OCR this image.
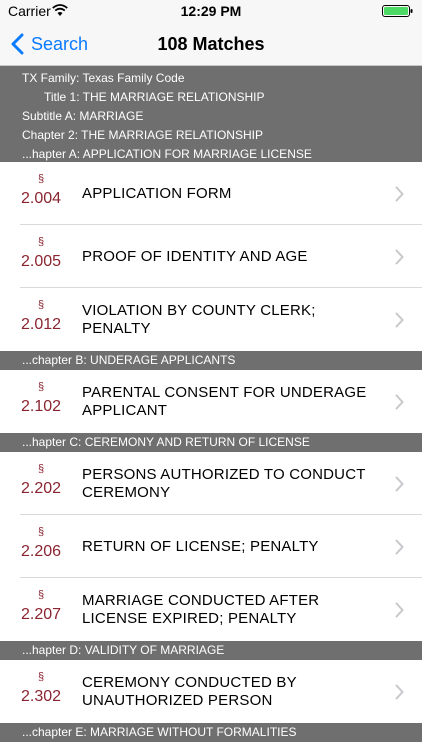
Carrier	12:29 PM
Search	108 Matches
TX Family: Texas Family Code
Title 1: THE MARRIAGE RELATIONSHIP
Subtitle A: MARRIAGE
Chapter 2: THE MARRIAGE RELATIONSHIP
...hapter A: APPLICATION FOR MARRIAGE LICENSE
§
2.004	APPLICATION FORM
§
2.005	PROOF OF IDENTITY AND AGE
§
2.012
VIOLATION BY COUNTY CLERK; PENALTY
...chapter B: UNDERAGE APPLICANTS
§
2.102
PARENTAL CONSENT FOR UNDERAGE APPLICANT
...hapter C: CEREMONY AND RETURN OF LICENSE
§
2.202
PERSONS AUTHORIZED TO CONDUCT CEREMONY
§
2.206	RETURN OF LICENSE; PENALTY
§
2.207
MARRIAGE CONDUCTED AFTER LICENSE EXPIRED; PENALTY
...hapter D: VALIDITY OF MARRIAGE
§
2.302
CEREMONY CONDUCTED BY UNAUTHORIZED PERSON
...chapter E: MARRIAGE WITHOUT FORMALITIES
